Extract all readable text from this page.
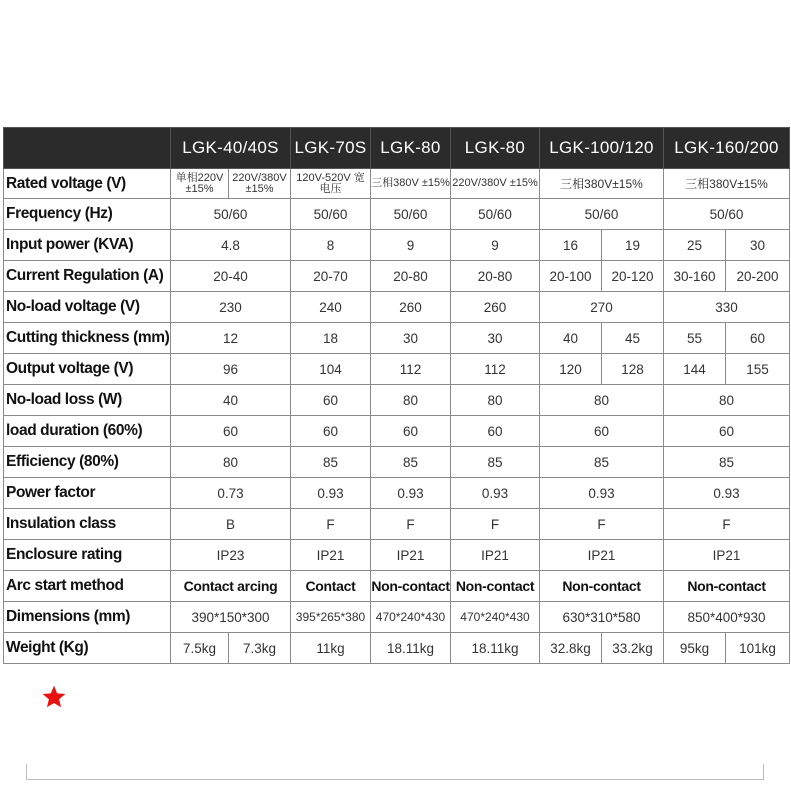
	LGK-40/40S		LGK-70S	LGK-80	LGK-80	LGK-100/120		LGK-160/200	
Rated voltage (V)	单相220V ±15%	220V/380V ±15%	120V-520V 宽电压	三相380V ±15%	220V/380V ±15%	三相380V±15%		三相380V±15%	
Frequency (Hz)	50/60		50/60	50/60	50/60	50/60		50/60	
Input power (KVA)	4.8		8	9	9	16	19	25	30
Current Regulation (A)	20-40		20-70	20-80	20-80	20-100	20-120	30-160	20-200
No-load voltage (V)	230		240	260	260	270		330	
Cutting thickness (mm)	12		18	30	30	40	45	55	60
Output voltage (V)	96		104	112	112	120	128	144	155
No-load loss (W)	40		60	80	80	80		80	
load duration (60%)	60		60	60	60	60		60	
Efficiency (80%)	80		85	85	85	85		85	
Power factor	0.73		0.93	0.93	0.93	0.93		0.93	
Insulation class	B		F	F	F	F		F	
Enclosure rating	IP23		IP21	IP21	IP21	IP21		IP21	
Arc start method	Contact arcing		Contact	Non-contact	Non-contact	Non-contact		Non-contact	
Dimensions (mm)	390*150*300		395*265*380	470*240*430	470*240*430	630*310*580		850*400*930	
Weight (Kg)	7.5kg	7.3kg	11kg	18.11kg	18.11kg	32.8kg	33.2kg	95kg	101kg
